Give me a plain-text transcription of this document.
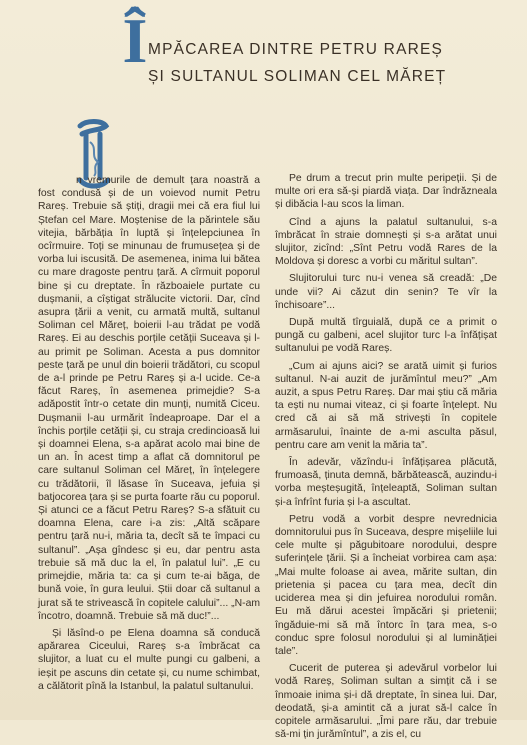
Î MPĂCAREA DINTRE PETRU RAREȘ
ȘI SULTANUL SOLIMAN CEL MĂREȚ

n vremurile de demult țara noastră a fost condusă și de un voievod numit Petru Rareș. Trebuie să știți, dragii mei că era fiul lui Ștefan cel Mare. Moștenise de la părintele său vitejia, bărbăția în luptă și înțelepciunea în ocîrmuire. Toți se minunau de frumusețea și de vorba lui iscusită. De asemenea, inima lui bătea cu mare dragoste pentru țară. A cîrmuit poporul bine și cu dreptate. În războaiele purtate cu dușmanii, a cîștigat strălucite victorii. Dar, cînd asupra țării a venit, cu armată multă, sultanul Soliman cel Măreț, boierii l-au trădat pe vodă Rareș. Ei au deschis porțile cetății Suceava și l-au primit pe Soliman. Acesta a pus domnitor peste țară pe unul din boierii trădători, cu scopul de a-l prinde pe Petru Rareș și a-l ucide. Ce-a făcut Rareș, în asemenea primejdie? S-a adăpostit într-o cetate din munți, numită Ciceu. Dușmanii l-au urmărit îndeaproape. Dar el a închis porțile cetății și, cu straja credincioasă lui și doamnei Elena, s-a apărat acolo mai bine de un an. În acest timp a aflat că domnitorul pe care sultanul Soliman cel Măreț, în înțelegere cu trădătorii, îl lăsase în Suceava, jefuia și batjocorea țara și se purta foarte rău cu poporul. Și atunci ce a făcut Petru Rareș? S-a sfătuit cu doamna Elena, care i-a zis: „Altă scăpare pentru țară nu-i, măria ta, decît să te împaci cu sultanul”. „Așa gîndesc și eu, dar pentru asta trebuie să mă duc la el, în palatul lui”. „E cu primejdie, măria ta: ca și cum te-ai băga, de bună voie, în gura leului. Știi doar că sultanul a jurat să te strivească în copitele calului”... „N-am încotro, doamnă. Trebuie să mă duc!”...

Și lăsînd-o pe Elena doamna să conducă apărarea Ciceului, Rareș s-a îmbrăcat ca slujitor, a luat cu el multe pungi cu galbeni, a ieșit pe ascuns din cetate și, cu nume schimbat, a călătorit pînă la Istanbul, la palatul sultanului.

Pe drum a trecut prin multe peripeții. Și de multe ori era să-și piardă viața. Dar îndrăzneala și dibăcia l-au scos la liman.

Cînd a ajuns la palatul sultanului, s-a îmbrăcat în straie domnești și s-a arătat unui slujitor, zicînd: „Sînt Petru vodă Rares de la Moldova și doresc a vorbi cu măritul sultan”.

Slujitorului turc nu-i venea să creadă: „De unde vii? Ai căzut din senin? Te vîr la închisoare”...

După multă tîrguială, după ce a primit o pungă cu galbeni, acel slujitor turc l-a înfățișat sultanului pe vodă Rareș.

„Cum ai ajuns aici? se arată uimit și furios sultanul. N-ai auzit de jurămîntul meu?” „Am auzit, a spus Petru Rareș. Dar mai știu că măria ta ești nu numai viteaz, ci și foarte înțelept. Nu cred că ai să mă strivești în copitele armăsarului, înainte de a-mi asculta păsul, pentru care am venit la măria ta”.

În adevăr, văzîndu-i înfățișarea plăcută, frumoasă, ținuta demnă, bărbătească, auzindu-i vorba meșteșugită, înțeleaptă, Soliman sultan și-a înfrînt furia și l-a ascultat.

Petru vodă a vorbit despre nevrednicia domnitorului pus în Suceava, despre mișeliile lui cele multe și păgubitoare norodului, despre suferințele țării. Și a încheiat vorbirea cam așa: „Mai multe foloase ai avea, mărite sultan, din prietenia și pacea cu țara mea, decît din uciderea mea și din jefuirea norodului român. Eu mă dărui acestei împăcări și prietenii; îngăduie-mi să mă întorc în țara mea, s-o conduc spre folosul norodului și al luminăției tale”.

Cucerit de puterea și adevărul vorbelor lui vodă Rareș, Soliman sultan a simțit că i se înmoaie inima și-i dă dreptate, în sinea lui. Dar, deodată, și-a amintit că a jurat să-l calce în copitele armăsarului. „Îmi pare rău, dar trebuie să-mi țin jurămîntul”, a zis el, cu
